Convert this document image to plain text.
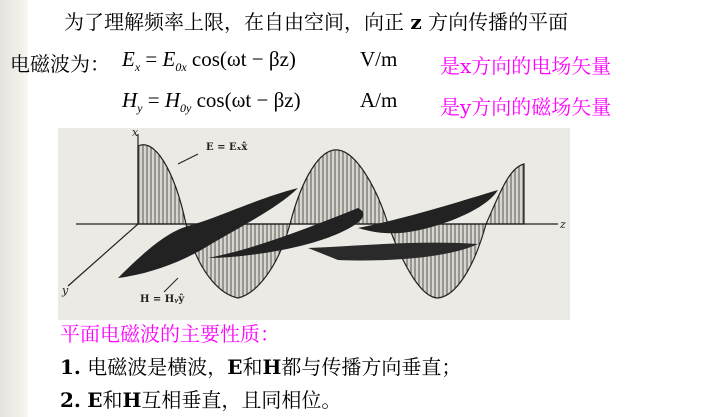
为了理解频率上限，在自由空间，向正 z 方向传播的平面
电磁波为： $E_x = E_{0x}$ cos(ωt − βz)	V/m 是x方向的电场矢量
$H_y = H_{0y}$ cos(ωt − βz)	A/m 是y方向的磁场矢量
x
z
y
E = Eₓx̂
H = Hᵧŷ
平面电磁波的主要性质：
1. 电磁波是横波，E和H都与传播方向垂直；
2. E和H互相垂直，且同相位。
